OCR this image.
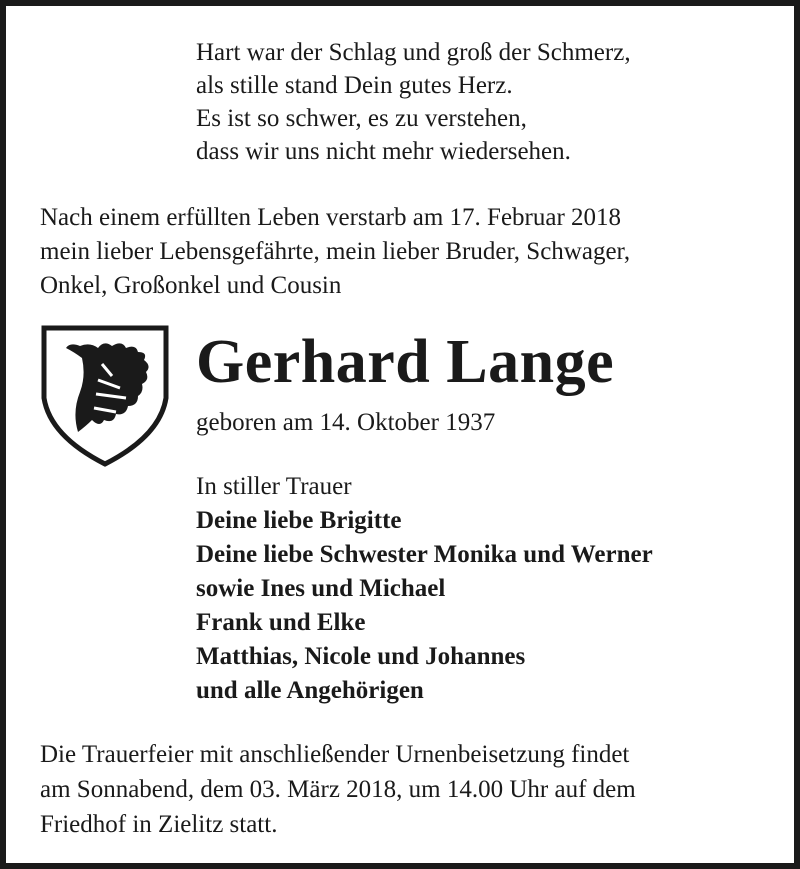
Hart war der Schlag und groß der Schmerz,
als stille stand Dein gutes Herz.
Es ist so schwer, es zu verstehen,
dass wir uns nicht mehr wiedersehen.
Nach einem erfüllten Leben verstarb am 17. Februar 2018
mein lieber Lebensgefährte, mein lieber Bruder, Schwager,
Onkel, Großonkel und Cousin
Gerhard Lange
geboren am 14. Oktober 1937
In stiller Trauer
Deine liebe Brigitte
Deine liebe Schwester Monika und Werner
sowie Ines und Michael
Frank und Elke
Matthias, Nicole und Johannes
und alle Angehörigen
Die Trauerfeier mit anschließender Urnenbeisetzung findet
am Sonnabend, dem 03. März 2018, um 14.00 Uhr auf dem
Friedhof in Zielitz statt.
